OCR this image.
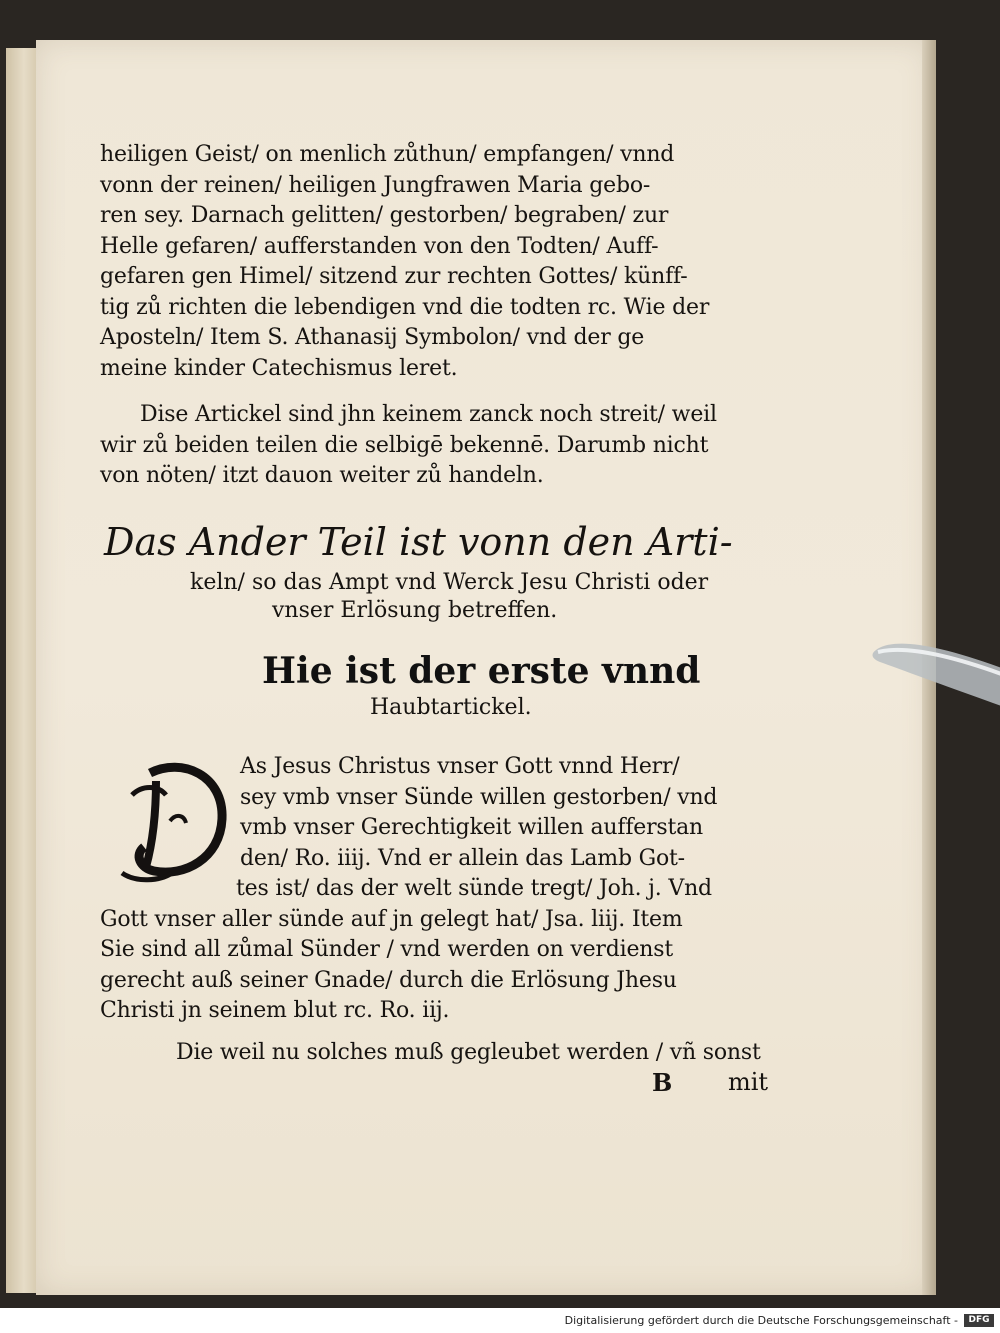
heiligen Geist/ on menlich zůthun/ empfangen/ vnnd

vonn der reinen/ heiligen Jungfrawen Maria gebo-

ren sey. Darnach gelitten/ gestorben/ begraben/ zur

Helle gefaren/ aufferstanden von den Todten/ Auff-

gefaren gen Himel/ sitzend zur rechten Gottes/ künff-

tig zů richten die lebendigen vnd die todten rc. Wie der

Aposteln/ Item S. Athanasij Symbolon/ vnd der ge

meine kinder Catechismus leret.

Dise Artickel sind jhn keinem zanck noch streit/ weil

wir zů beiden teilen die selbigē bekennē. Darumb nicht

von nöten/ itzt dauon weiter zů handeln.

Das Ander Teil ist vonn den Arti-
keln/ so das Ampt vnd Werck Jesu Christi oder
vnser Erlösung betreffen.
Hie ist der erste vnnd
Haubtartickel.

As Jesus Christus vnser Gott vnnd Herr/

sey vmb vnser Sünde willen gestorben/ vnd

vmb vnser Gerechtigkeit willen aufferstan

den/ Ro. iiij. Vnd er allein das Lamb Got-

tes ist/ das der welt sünde tregt/ Joh. j. Vnd

Gott vnser aller sünde auf jn gelegt hat/ Jsa. liij. Item

Sie sind all zůmal Sünder / vnd werden on verdienst

gerecht auß seiner Gnade/ durch die Erlösung Jhesu

Christi jn seinem blut rc. Ro. iij.

Die weil nu solches muß gegleubet werden / vñ sonst

B mit
Digitalisierung gefördert durch die Deutsche Forschungsgemeinschaft -	DFG
